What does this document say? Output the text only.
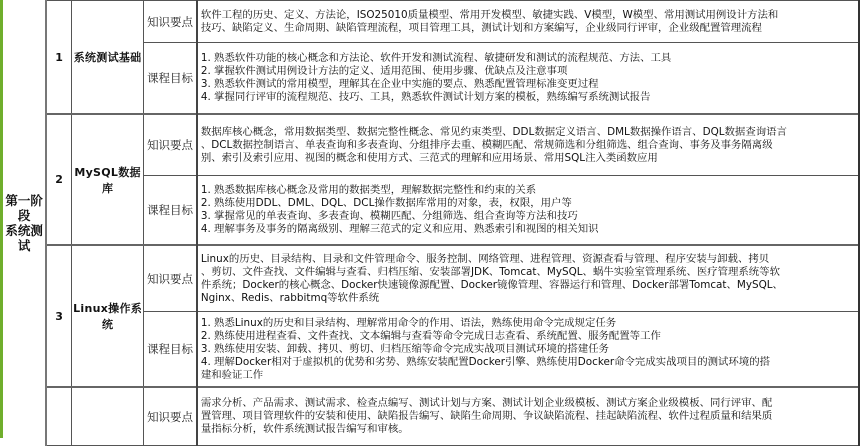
第一阶段
系统测试	1	系统测试基础	知识要点	软件工程的历史、定义、方法论，ISO25010质量模型、常用开发模型、敏捷实践、V模型，W模型、常用测试用例设计方法和
技巧、缺陷定义、生命周期、缺陷管理流程，项目管理工具，测试计划和方案编写，企业级同行评审，企业级配置管理流程

			课程目标	1. 熟悉软件功能的核心概念和方法论、软件开发和测试流程、敏捷研发和测试的流程规范、方法、工具
2. 掌握软件测试用例设计方法的定义、适用范围、使用步骤、优缺点及注意事项
3. 熟悉软件测试的常用模型，理解其在企业中实施的要点、熟悉配置管理标准变更过程
4. 掌握同行评审的流程规范、技巧、工具，熟悉软件测试计划方案的模板，熟练编写系统测试报告

	2	MySQL数据库	知识要点	数据库核心概念，常用数据类型、数据完整性概念、常见约束类型、DDL数据定义语言、DML数据操作语言、DQL数据查询语言
、DCL数据控制语言、单表查询和多表查询、分组排序去重、模糊匹配、常规筛选和分组筛选、组合查询、事务及事务隔离级
别、索引及索引应用、视图的概念和使用方式、三范式的理解和应用场景、常用SQL注入类函数应用

			课程目标	1. 熟悉数据库核心概念及常用的数据类型，理解数据完整性和约束的关系
2. 熟练使用DDL、DML、DQL、DCL操作数据库常用的对象，表，权限，用户等
3. 掌握常见的单表查询、多表查询、模糊匹配、分组筛选、组合查询等方法和技巧
4. 理解事务及事务的隔离级别、理解三范式的定义和应用、熟悉索引和视图的相关知识

	3	Linux操作系统	知识要点	Linux的历史、目录结构、目录和文件管理命令、服务控制、网络管理、进程管理、资源查看与管理、程序安装与卸载、拷贝
、剪切、文件查找、文件编辑与查看、归档压缩、安装部署JDK、Tomcat、MySQL、蜗牛实验室管理系统、医疗管理系统等软
件系统；Docker的核心概念、Docker快速镜像源配置、Docker镜像管理、容器运行和管理、Docker部署Tomcat、MySQL、
Nginx、Redis、rabbitmq等软件系统

			课程目标	1. 熟悉Linux的历史和目录结构、理解常用命令的作用、语法，熟练使用命令完成规定任务
2. 熟练使用进程查看、文件查找、文本编辑与查看等命令完成日志查看、系统配置、服务配置等工作
3. 熟练使用安装、卸载、拷贝、剪切、归档压缩等命令完成实战项目测试环境的搭建任务
4. 理解Docker相对于虚拟机的优势和劣势、熟练安装配置Docker引擎、熟练使用Docker命令完成实战项目的测试环境的搭
建和验证工作

			知识要点	需求分析、产品需求、测试需求、检查点编写、测试计划与方案、测试计划企业级模板、测试方案企业级模板、同行评审、配
置管理、项目管理软件的安装和使用、缺陷报告编写、缺陷生命周期、争议缺陷流程、挂起缺陷流程、软件过程质量和结果质
量指标分析，软件系统测试报告编写和审核。
